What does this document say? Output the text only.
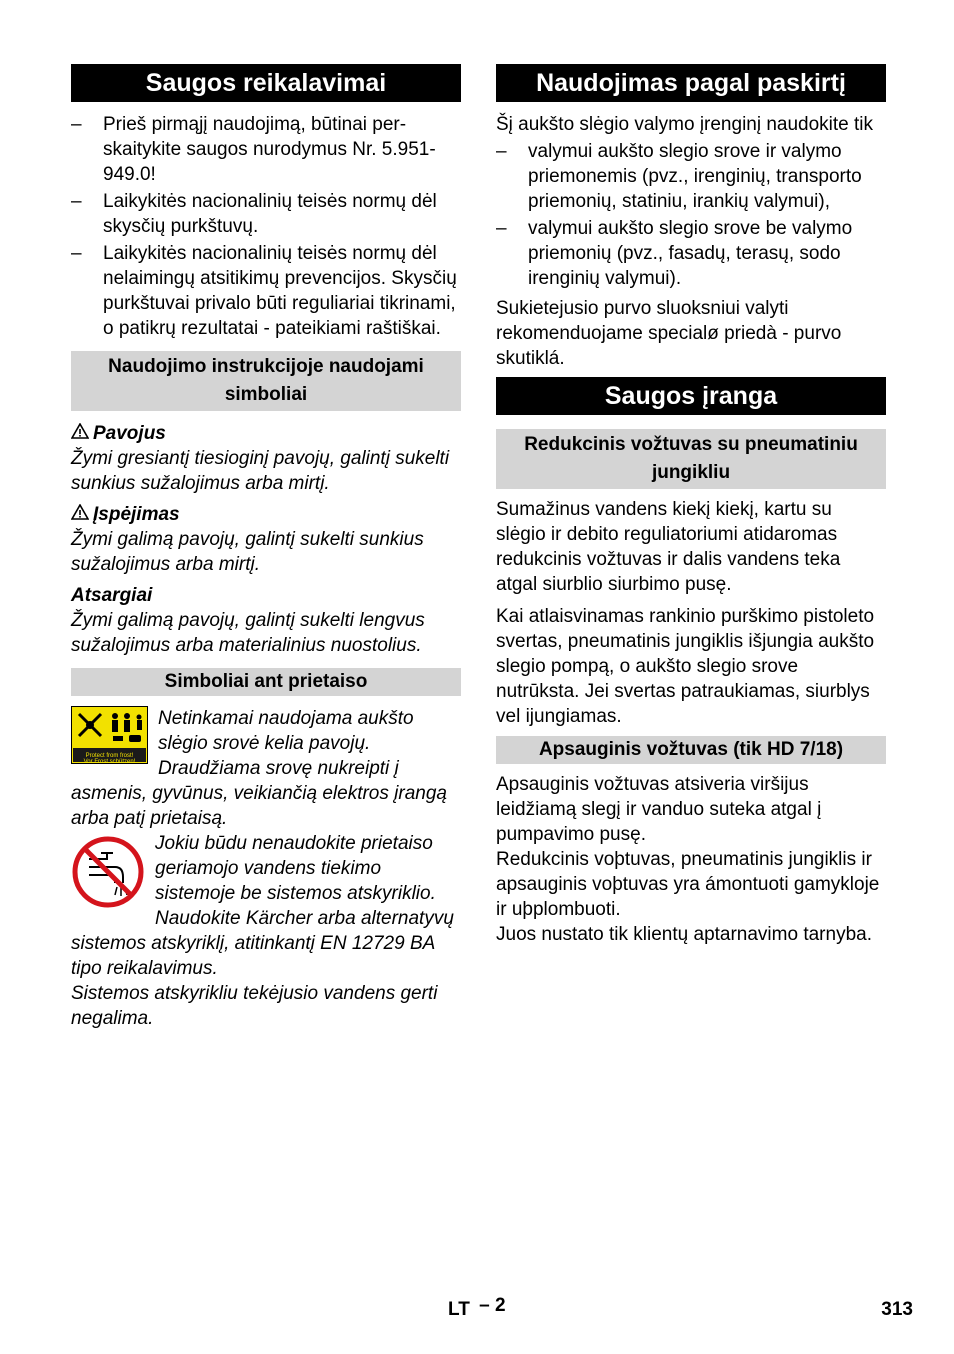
Saugos reikalavimai
–	Prieš pirmąjį naudojimą, būtinai per-skaitykite saugos nurodymus Nr. 5.951-949.0!
–	Laikykitės nacionalinių teisės normų dėl skysčių purkštuvų.
–	Laikykitės nacionalinių teisės normų dėl nelaimingų atsitikimų prevencijos. Skysčių purkštuvai privalo būti reguliariai tikrinami, o patikrų rezultatai - pateikiami raštiškai.
Naudojimo instrukcijoje naudojami simboliai
Pavojus
Žymi gresiantį tiesioginį pavojų, galintį sukelti sunkius sužalojimus arba mirtį.
Įspėjimas
Žymi galimą pavojų, galintį sukelti sunkius sužalojimus arba mirtį.
Atsargiai
Žymi galimą pavojų, galintį sukelti lengvus sužalojimus arba materialinius nuostolius.
Simboliai ant prietaiso
Protect from frost!
Vor Frost schützen!
Netinkamai naudojama aukšto slėgio srovė kelia pavojų. Draudžiama srovę nukreipti į asmenis, gyvūnus, veikiančią elektros įrangą arba patį prietaisą.
Jokiu būdu nenaudokite prietaiso geriamojo vandens tiekimo sistemoje be sistemos atskyriklio. Naudokite Kärcher arba alternatyvų sistemos atskyriklį, atitinkantį EN 12729 BA tipo reikalavimus.
Sistemos atskyrikliu tekėjusio vandens gerti negalima.
Naudojimas pagal paskirtį
Šį aukšto slėgio valymo įrenginį naudokite tik
–	valymui aukšto slegio srove ir valymo priemonemis (pvz., irenginių, transporto priemonių, statiniu, irankių valymui),
–	valymui aukšto slegio srove be valymo priemonių (pvz., fasadų, terasų, sodo irenginių valymui).
Sukietejusio purvo sluoksniui valyti rekomenduojame specialø priedà - purvo skutiklá.
Saugos įranga
Redukcinis vožtuvas su pneumatiniu jungikliu
Sumažinus vandens kiekį kiekį, kartu su slėgio ir debito reguliatoriumi atidaromas redukcinis vožtuvas ir dalis vandens teka atgal siurblio siurbimo pusę.
Kai atlaisvinamas rankinio purškimo pistoleto svertas, pneumatinis jungiklis išjungia aukšto slegio pompą, o aukšto slegio srove nutrūksta. Jei svertas patraukiamas, siurblys vel ijungiamas.
Apsauginis vožtuvas (tik HD 7/18)
Apsauginis vožtuvas atsiveria viršijus leidžiamą slegį ir vanduo suteka atgal į pumpavimo pusę.
Redukcinis voþtuvas, pneumatinis jungiklis ir apsauginis voþtuvas yra ámontuoti gamykloje ir uþplombuoti.
Juos nustato tik klientų aptarnavimo tarnyba.
LT – 2	313
